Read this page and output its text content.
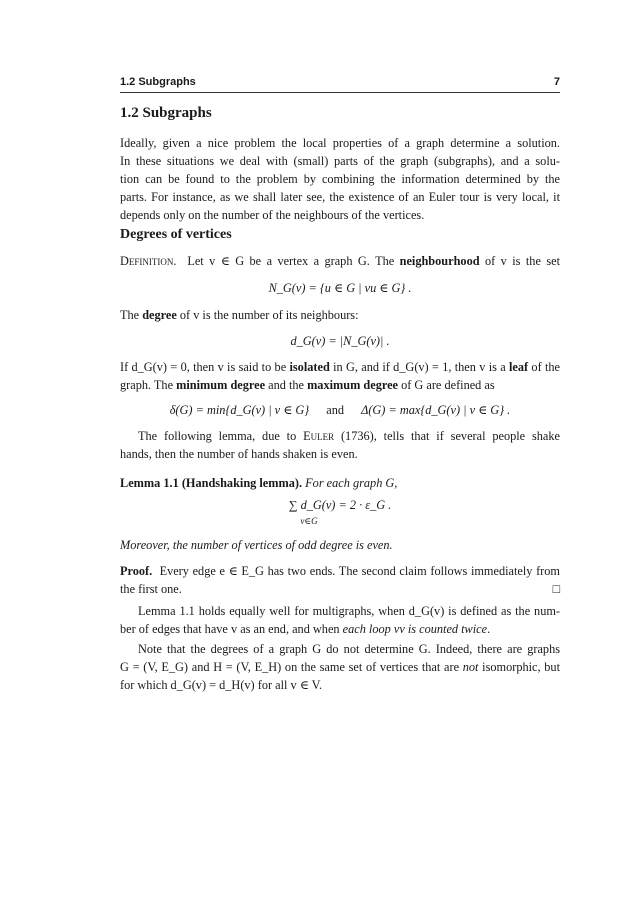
1.2 Subgraphs	7
1.2 Subgraphs
Ideally, given a nice problem the local properties of a graph determine a solution.
In these situations we deal with (small) parts of the graph (subgraphs), and a solu-
tion can be found to the problem by combining the information determined by the
parts. For instance, as we shall later see, the existence of an Euler tour is very local, it
depends only on the number of the neighbours of the vertices.
Degrees of vertices
Definition. Let v ∈ G be a vertex a graph G. The neighbourhood of v is the set
N_G(v) = {u ∈ G | vu ∈ G} .
The degree of v is the number of its neighbours:
d_G(v) = |N_G(v)| .
If d_G(v) = 0, then v is said to be isolated in G, and if d_G(v) = 1, then v is a leaf of the
graph. The minimum degree and the maximum degree of G are defined as
δ(G) = min{d_G(v) | v ∈ G} and Δ(G) = max{d_G(v) | v ∈ G} .
The following lemma, due to Euler (1736), tells that if several people shake
hands, then the number of hands shaken is even.
Lemma 1.1 (Handshaking lemma). For each graph G,
∑ d_G(v) = 2 · ε_G .
v∈G
Moreover, the number of vertices of odd degree is even.
Proof. Every edge e ∈ E_G has two ends. The second claim follows immediately from
the first one.	□
Lemma 1.1 holds equally well for multigraphs, when d_G(v) is defined as the num-
ber of edges that have v as an end, and when each loop vv is counted twice.
Note that the degrees of a graph G do not determine G. Indeed, there are graphs
G = (V, E_G) and H = (V, E_H) on the same set of vertices that are not isomorphic, but
for which d_G(v) = d_H(v) for all v ∈ V.
